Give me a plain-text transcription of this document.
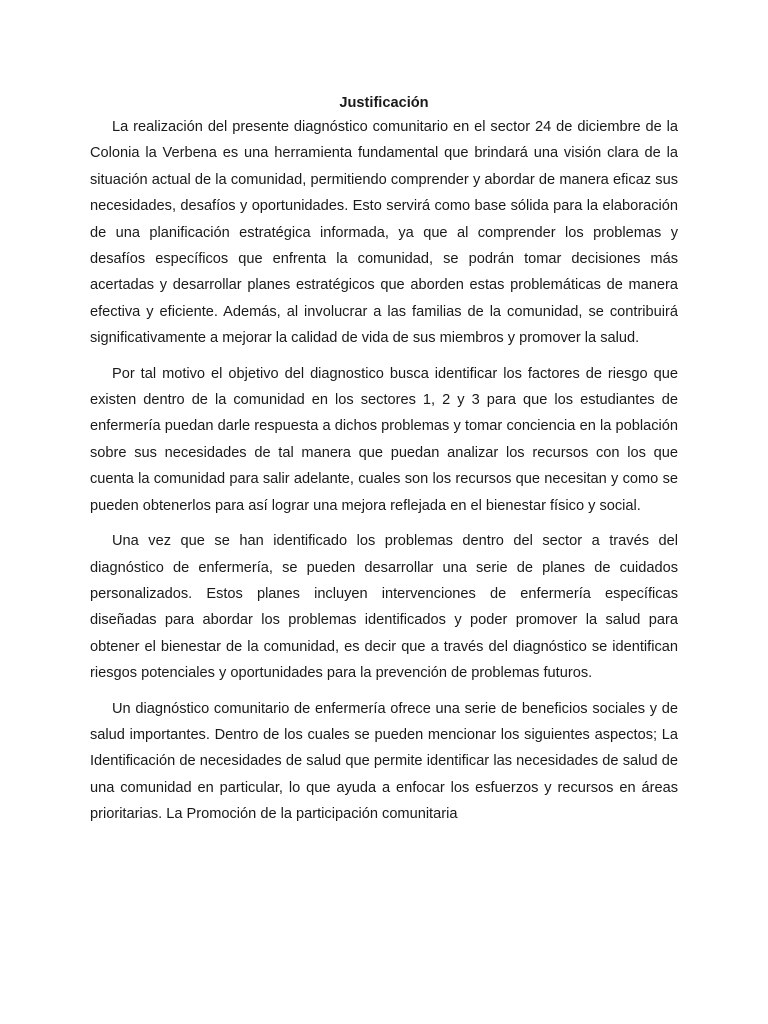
Justificación

La realización del presente diagnóstico comunitario en el sector 24 de diciembre de la Colonia la Verbena es una herramienta fundamental que brindará una visión clara de la situación actual de la comunidad, permitiendo comprender y abordar de manera eficaz sus necesidades, desafíos y oportunidades. Esto servirá como base sólida para la elaboración de una planificación estratégica informada, ya que al comprender los problemas y desafíos específicos que enfrenta la comunidad, se podrán tomar decisiones más acertadas y desarrollar planes estratégicos que aborden estas problemáticas de manera efectiva y eficiente. Además, al involucrar a las familias de la comunidad, se contribuirá significativamente a mejorar la calidad de vida de sus miembros y promover la salud.

Por tal motivo el objetivo del diagnostico busca identificar los factores de riesgo que existen dentro de la comunidad en los sectores 1, 2 y 3 para que los estudiantes de enfermería puedan darle respuesta a dichos problemas y tomar conciencia en la población sobre sus necesidades de tal manera que puedan analizar los recursos con los que cuenta la comunidad para salir adelante, cuales son los recursos que necesitan y como se pueden obtenerlos para así lograr una mejora reflejada en el bienestar físico y social.

Una vez que se han identificado los problemas dentro del sector a través del diagnóstico de enfermería, se pueden desarrollar una serie de planes de cuidados personalizados. Estos planes incluyen intervenciones de enfermería específicas diseñadas para abordar los problemas identificados y poder promover la salud para obtener el bienestar de la comunidad, es decir que a través del diagnóstico se identifican riesgos potenciales y oportunidades para la prevención de problemas futuros.

Un diagnóstico comunitario de enfermería ofrece una serie de beneficios sociales y de salud importantes. Dentro de los cuales se pueden mencionar los siguientes aspectos; La Identificación de necesidades de salud que permite identificar las necesidades de salud de una comunidad en particular, lo que ayuda a enfocar los esfuerzos y recursos en áreas prioritarias. La Promoción de la participación comunitaria
